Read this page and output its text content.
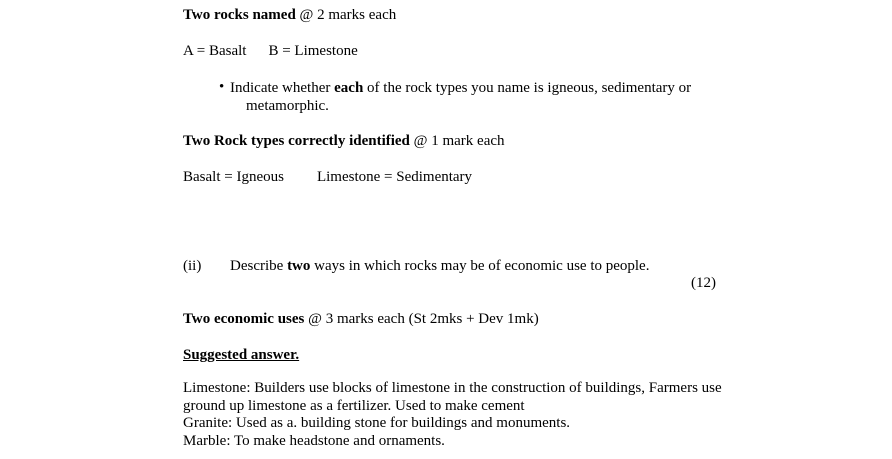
Two rocks named @ 2 marks each
A = Basalt B = Limestone
• Indicate whether each of the rock types you name is igneous, sedimentary or
metamorphic.
Two Rock types correctly identified @ 1 mark each
Basalt = Igneous Limestone = Sedimentary
(ii) Describe two ways in which rocks may be of economic use to people.
(12)
Two economic uses @ 3 marks each (St 2mks + Dev 1mk)
Suggested answer.
Limestone: Builders use blocks of limestone in the construction of buildings, Farmers use
ground up limestone as a fertilizer. Used to make cement
Granite: Used as a. building stone for buildings and monuments.
Marble: To make headstone and ornaments.
